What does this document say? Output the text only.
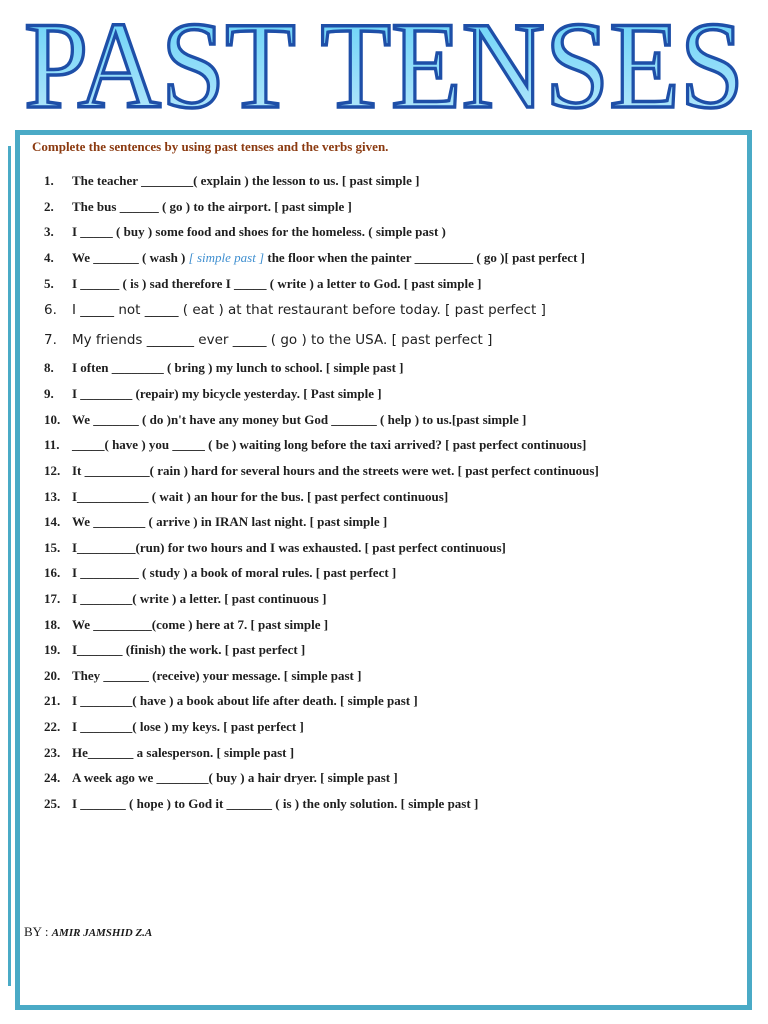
PAST TENSES
Complete the sentences by using past tenses and the verbs given.
1. The teacher ________( explain ) the lesson to us. [ past simple ]
2. The bus ______ ( go ) to the airport. [ past simple ]
3. I _____ ( buy ) some food and shoes for the homeless. ( simple past )
4. We _______ ( wash ) [ simple past ] the floor when the painter _________ ( go )[ past perfect ]
5. I ______ ( is ) sad therefore I _____ ( write ) a letter to God. [ past simple ]
6. I _____ not _____ ( eat ) at that restaurant before today. [ past perfect ]
7. My friends _______ ever _____ ( go ) to the USA. [ past perfect ]
8. I often ________ ( bring ) my lunch to school. [ simple past ]
9. I ________ (repair) my bicycle yesterday. [ Past simple ]
10. We _______ ( do )n't have any money but God _______ ( help ) to us.[past simple ]
11. _____( have ) you _____ ( be ) waiting long before the taxi arrived? [ past perfect continuous]
12. It __________( rain ) hard for several hours and the streets were wet. [ past perfect continuous]
13. I___________ ( wait ) an hour for the bus. [ past perfect continuous]
14. We ________ ( arrive ) in IRAN last night. [ past simple ]
15. I_________(run) for two hours and I was exhausted. [ past perfect continuous]
16. I _________ ( study ) a book of moral rules. [ past perfect ]
17. I ________( write ) a letter. [ past continuous ]
18. We _________(come ) here at 7. [ past simple ]
19. I_______ (finish) the work. [ past perfect ]
20. They _______ (receive) your message. [ simple past ]
21. I ________( have ) a book about life after death. [ simple past ]
22. I ________( lose ) my keys. [ past perfect ]
23. He_______ a salesperson. [ simple past ]
24. A week ago we ________( buy ) a hair dryer. [ simple past ]
25. I _______ ( hope ) to God it _______ ( is ) the only solution. [ simple past ]
BY : AMIR JAMSHID Z.A
